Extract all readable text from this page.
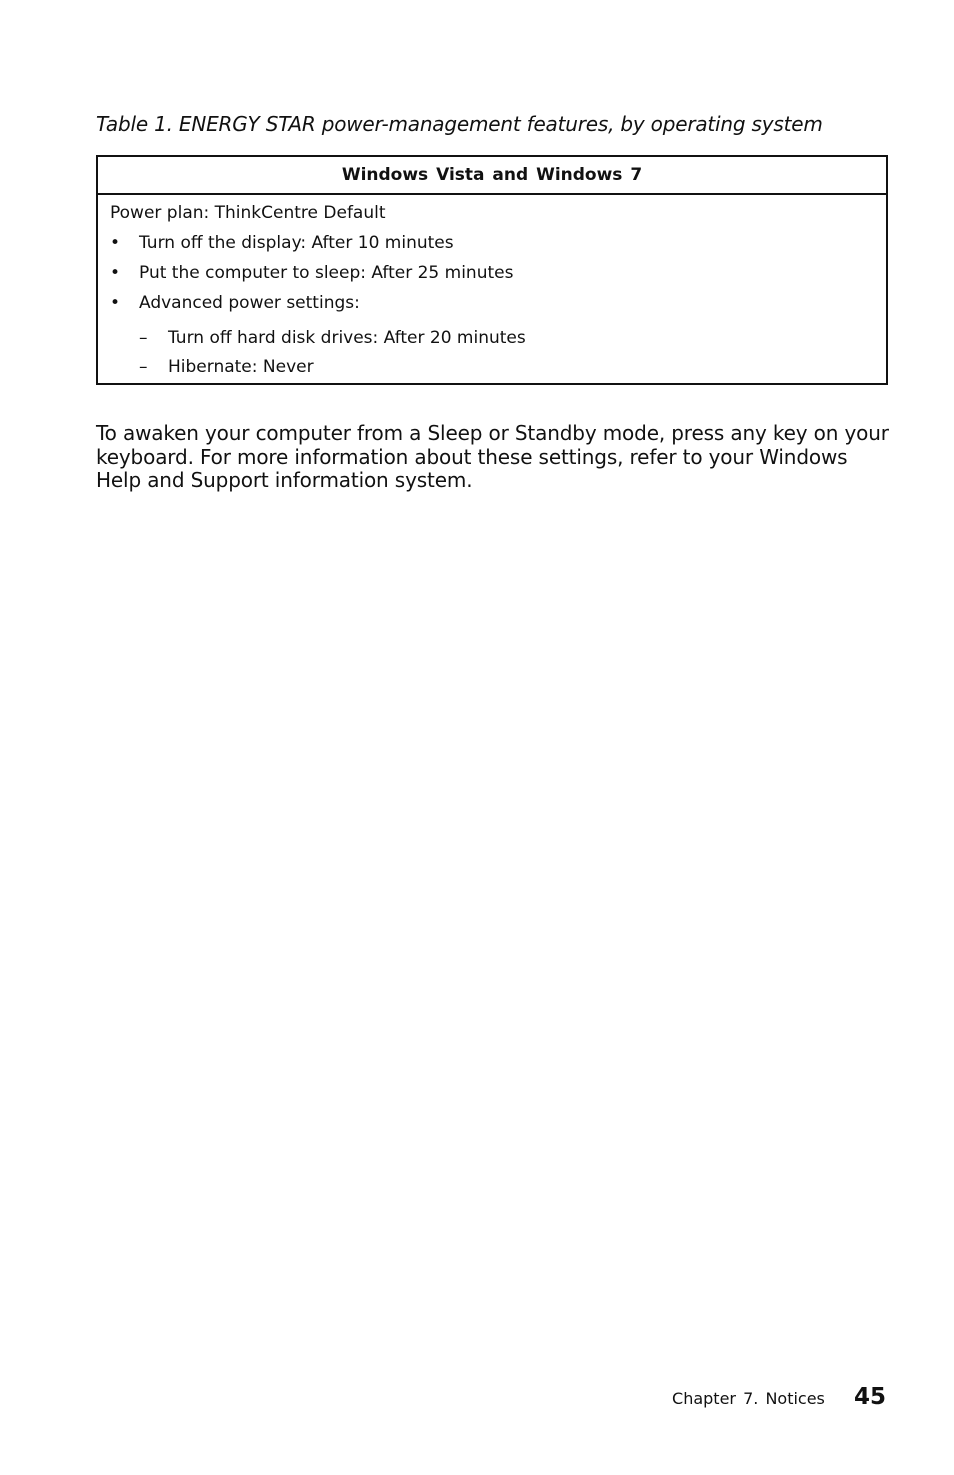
Table 1. ENERGY STAR power-management features, by operating system

Windows Vista and Windows 7

Power plan: ThinkCentre Default

• Turn off the display: After 10 minutes
• Put the computer to sleep: After 25 minutes
• Advanced power settings:
–	Turn off hard disk drives: After 20 minutes
–	Hibernate: Never

To awaken your computer from a Sleep or Standby mode, press any key on your keyboard. For more information about these settings, refer to your Windows Help and Support information system.

Chapter 7. Notices 45
